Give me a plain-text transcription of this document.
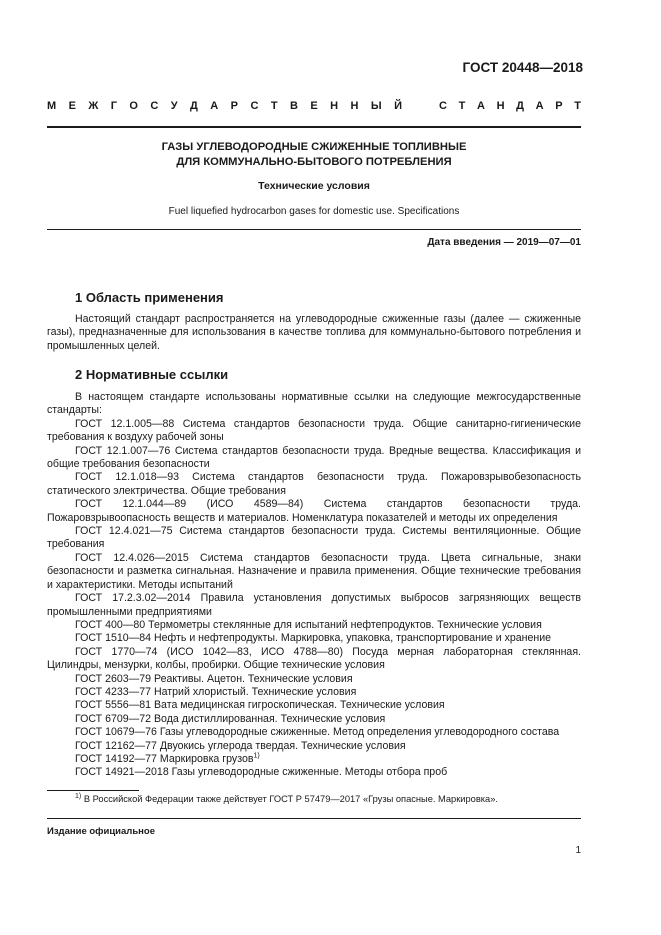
ГОСТ 20448—2018
М Е Ж Г О С У Д А Р С Т В Е Н Н Ы Й	С Т А Н Д А Р Т
ГАЗЫ УГЛЕВОДОРОДНЫЕ СЖИЖЕННЫЕ ТОПЛИВНЫЕ
ДЛЯ КОММУНАЛЬНО-БЫТОВОГО ПОТРЕБЛЕНИЯ
Технические условия
Fuel liquefied hydrocarbon gases for domestic use. Specifications
Дата введения — 2019—07—01
1 Область применения

Настоящий стандарт распространяется на углеводородные сжиженные газы (далее — сжиженные газы), предназначенные для использования в качестве топлива для коммунально-бытового потребления и промышленных целей.

2 Нормативные ссылки

В настоящем стандарте использованы нормативные ссылки на следующие межгосударственные стандарты:

ГОСТ 12.1.005—88 Система стандартов безопасности труда. Общие санитарно-гигиенические требования к воздуху рабочей зоны

ГОСТ 12.1.007—76 Система стандартов безопасности труда. Вредные вещества. Классификация и общие требования безопасности

ГОСТ 12.1.018—93 Система стандартов безопасности труда. Пожаровзрывобезопасность статического электричества. Общие требования

ГОСТ 12.1.044—89 (ИСО 4589—84) Система стандартов безопасности труда. Пожаровзрывоопасность веществ и материалов. Номенклатура показателей и методы их определения

ГОСТ 12.4.021—75 Система стандартов безопасности труда. Системы вентиляционные. Общие требования

ГОСТ 12.4.026—2015 Система стандартов безопасности труда. Цвета сигнальные, знаки безопасности и разметка сигнальная. Назначение и правила применения. Общие технические требования и характеристики. Методы испытаний

ГОСТ 17.2.3.02—2014 Правила установления допустимых выбросов загрязняющих веществ промышленными предприятиями

ГОСТ 400—80 Термометры стеклянные для испытаний нефтепродуктов. Технические условия

ГОСТ 1510—84 Нефть и нефтепродукты. Маркировка, упаковка, транспортирование и хранение

ГОСТ 1770—74 (ИСО 1042—83, ИСО 4788—80) Посуда мерная лабораторная стеклянная. Цилиндры, мензурки, колбы, пробирки. Общие технические условия

ГОСТ 2603—79 Реактивы. Ацетон. Технические условия

ГОСТ 4233—77 Натрий хлористый. Технические условия

ГОСТ 5556—81 Вата медицинская гигроскопическая. Технические условия

ГОСТ 6709—72 Вода дистиллированная. Технические условия

ГОСТ 10679—76 Газы углеводородные сжиженные. Метод определения углеводородного состава

ГОСТ 12162—77 Двуокись углерода твердая. Технические условия

ГОСТ 14192—77 Маркировка грузов$^{1)}$

ГОСТ 14921—2018 Газы углеводородные сжиженные. Методы отбора проб

$^{1)}$ В Российской Федерации также действует ГОСТ Р 57479—2017 «Грузы опасные. Маркировка».
Издание официальное
1
